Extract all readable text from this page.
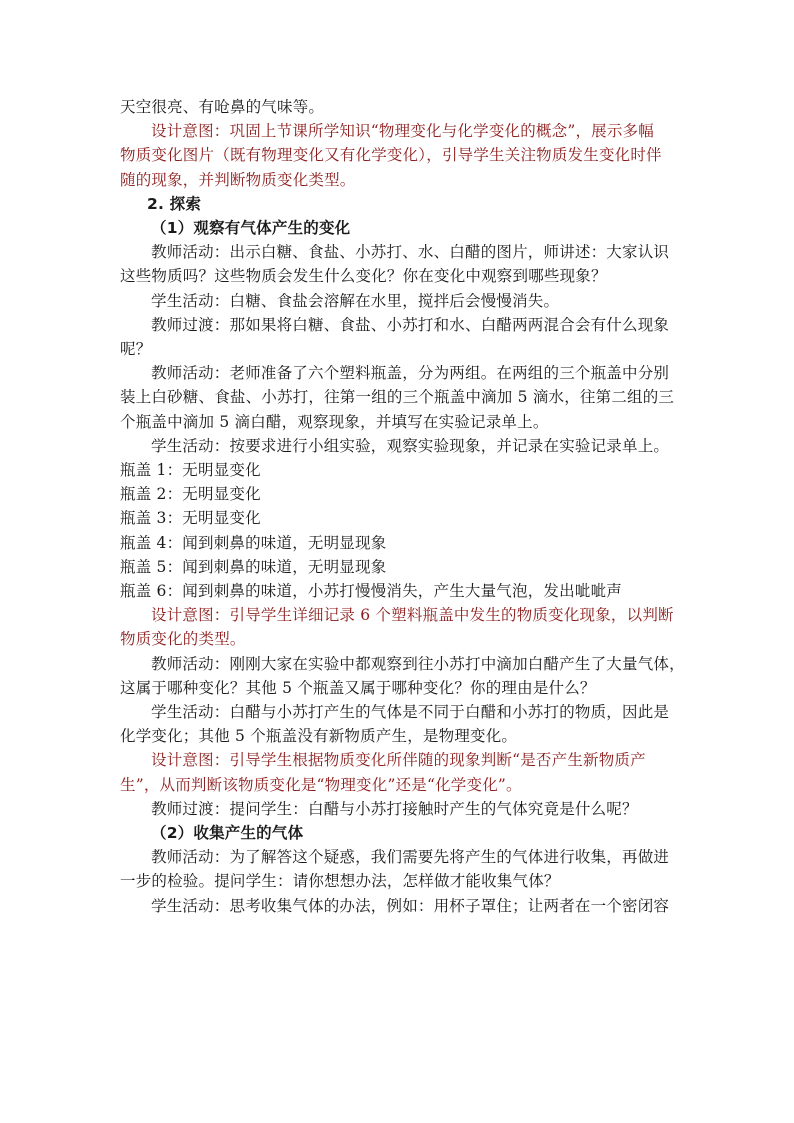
天空很亮、有呛鼻的气味等。
设计意图：巩固上节课所学知识“物理变化与化学变化的概念”，展示多幅
物质变化图片（既有物理变化又有化学变化），引导学生关注物质发生变化时伴
随的现象，并判断物质变化类型。
2. 探索
（1）观察有气体产生的变化
教师活动：出示白糖、食盐、小苏打、水、白醋的图片，师讲述：大家认识
这些物质吗？这些物质会发生什么变化？你在变化中观察到哪些现象？
学生活动：白糖、食盐会溶解在水里，搅拌后会慢慢消失。
教师过渡：那如果将白糖、食盐、小苏打和水、白醋两两混合会有什么现象
呢？
教师活动：老师准备了六个塑料瓶盖，分为两组。在两组的三个瓶盖中分别
装上白砂糖、食盐、小苏打，往第一组的三个瓶盖中滴加 5 滴水，往第二组的三
个瓶盖中滴加 5 滴白醋，观察现象，并填写在实验记录单上。
学生活动：按要求进行小组实验，观察实验现象，并记录在实验记录单上。
瓶盖 1：无明显变化
瓶盖 2：无明显变化
瓶盖 3：无明显变化
瓶盖 4：闻到刺鼻的味道，无明显现象
瓶盖 5：闻到刺鼻的味道，无明显现象
瓶盖 6：闻到刺鼻的味道，小苏打慢慢消失，产生大量气泡，发出呲呲声
设计意图：引导学生详细记录 6 个塑料瓶盖中发生的物质变化现象，以判断
物质变化的类型。
教师活动：刚刚大家在实验中都观察到往小苏打中滴加白醋产生了大量气体，
这属于哪种变化？其他 5 个瓶盖又属于哪种变化？你的理由是什么？
学生活动：白醋与小苏打产生的气体是不同于白醋和小苏打的物质，因此是
化学变化；其他 5 个瓶盖没有新物质产生，是物理变化。
设计意图：引导学生根据物质变化所伴随的现象判断“是否产生新物质产
生”，从而判断该物质变化是“物理变化”还是“化学变化”。
教师过渡：提问学生：白醋与小苏打接触时产生的气体究竟是什么呢？
（2）收集产生的气体
教师活动：为了解答这个疑惑，我们需要先将产生的气体进行收集，再做进
一步的检验。提问学生：请你想想办法，怎样做才能收集气体？
学生活动：思考收集气体的办法，例如：用杯子罩住；让两者在一个密闭容
